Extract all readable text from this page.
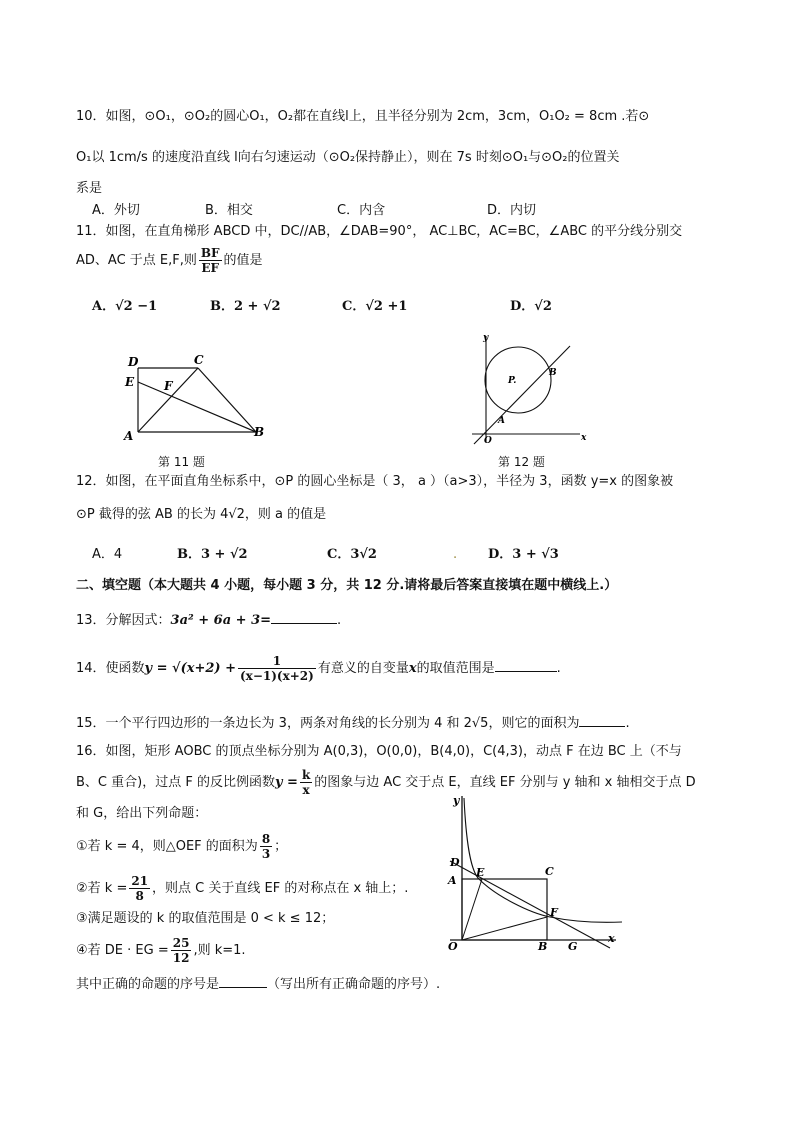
10．如图，⊙O₁，⊙O₂的圆心O₁，O₂都在直线l上，且半径分别为 2cm，3cm，O₁O₂ = 8cm .若⊙
O₁以 1cm/s 的速度沿直线 l向右匀速运动（⊙O₂保持静止），则在 7s 时刻⊙O₁与⊙O₂的位置关
系是
A．外切	B．相交	C．内含	D．内切
11．如图，在直角梯形 ABCD 中，DC//AB，∠DAB=90°， AC⊥BC，AC=BC，∠ABC 的平分线分别交
AD、AC 于点 E,F,则 $\frac{BF}{EF}$ 的值是
A．√2 −1	B．2 + √2	C．√2 +1	D．√2
D	C
E F
A	B
第 11 题
y
P.
B
A
O	x
第 12 题
12．如图，在平面直角坐标系中，⊙P 的圆心坐标是（ 3， a ）（a>3），半径为 3，函数 y=x 的图象被
⊙P 截得的弦 AB 的长为 4√2，则 a 的值是
A．4	B．3 + √2	C．3√2	. D．3 + √3
二、填空题（本大题共 4 小题，每小题 3 分，共 12 分.请将最后答案直接填在题中横线上.）
13．分解因式：3a² + 6a + 3=	.
14．使函数$y = √(x+2) + \frac{1}{(x-1)(x+2)}$ 有意义的自变量x的取值范围是	.
15．一个平行四边形的一条边长为 3，两条对角线的长分别为 4 和 2√5，则它的面积为	.
16．如图，矩形 AOBC 的顶点坐标分别为 A(0,3)，O(0,0)，B(4,0)，C(4,3)，动点 F 在边 BC 上（不与
B、C 重合)，过点 F 的反比例函数$y = \frac{k}{x}$ 的图象与边 AC 交于点 E，直线 EF 分别与 y 轴和 x 轴相交于点 D
和 G，给出下列命题：
①若 k = 4，则△OEF 的面积为 $\frac{8}{3}$ ；
②若 $k = \frac{21}{8}$ ，则点 C 关于直线 EF 的对称点在 x 轴上；.
③满足题设的 k 的取值范围是 0 < k ≤ 12；
④若 DE · EG = $\frac{25}{12}$ ,则 k=1.
其中正确的命题的序号是	（写出所有正确命题的序号）.
y
D
E	C
A
F
O	B G
x
